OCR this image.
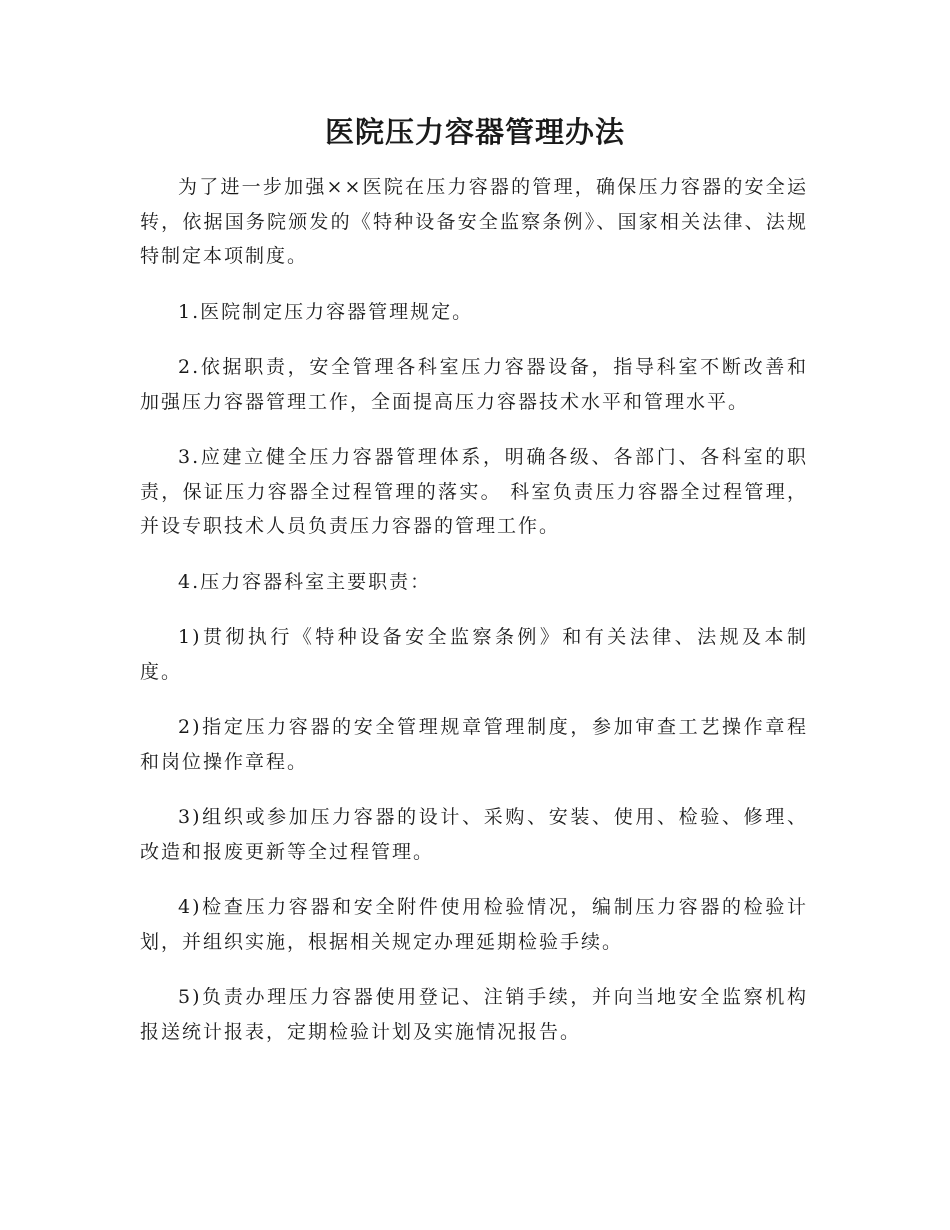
医院压力容器管理办法

为了进一步加强××医院在压力容器的管理，确保压力容器的安全运转，依据国务院颁发的《特种设备安全监察条例》、国家相关法律、法规特制定本项制度。

1.医院制定压力容器管理规定。

2.依据职责，安全管理各科室压力容器设备，指导科室不断改善和加强压力容器管理工作，全面提高压力容器技术水平和管理水平。

3.应建立健全压力容器管理体系，明确各级、各部门、各科室的职责，保证压力容器全过程管理的落实。 科室负责压力容器全过程管理，并设专职技术人员负责压力容器的管理工作。

4.压力容器科室主要职责：

1)贯彻执行《特种设备安全监察条例》和有关法律、法规及本制度。

2)指定压力容器的安全管理规章管理制度，参加审查工艺操作章程和岗位操作章程。

3)组织或参加压力容器的设计、采购、安装、使用、检验、修理、改造和报废更新等全过程管理。

4)检查压力容器和安全附件使用检验情况，编制压力容器的检验计划，并组织实施，根据相关规定办理延期检验手续。

5)负责办理压力容器使用登记、注销手续，并向当地安全监察机构报送统计报表，定期检验计划及实施情况报告。
